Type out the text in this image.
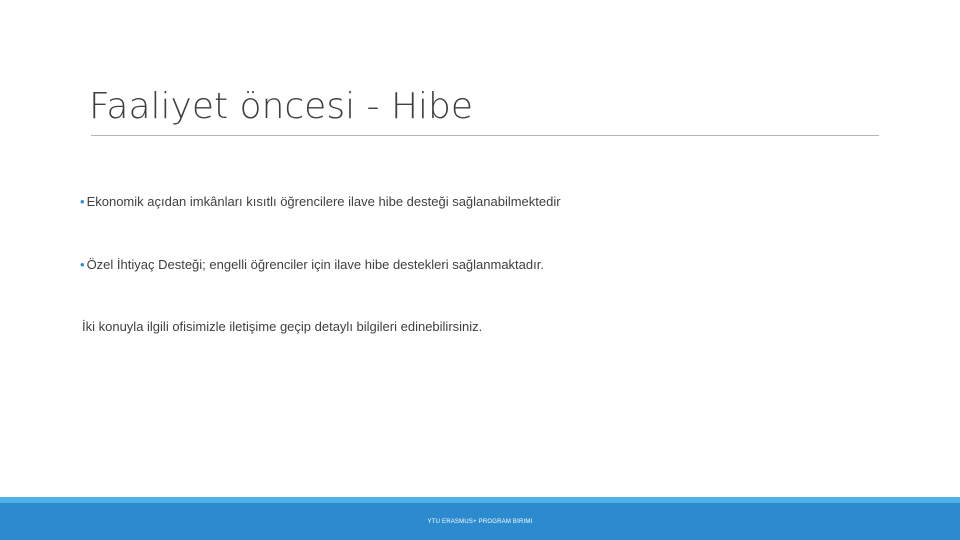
Faaliyet öncesi - Hibe
• Ekonomik açıdan imkânları kısıtlı öğrencilere ilave hibe desteği sağlanabilmektedir
• Özel İhtiyaç Desteği; engelli öğrenciler için ilave hibe destekleri sağlanmaktadır.
İki konuyla ilgili ofisimizle iletişime geçip detaylı bilgileri edinebilirsiniz.
YTU ERASMUS+ PROGRAM BIRIMI
